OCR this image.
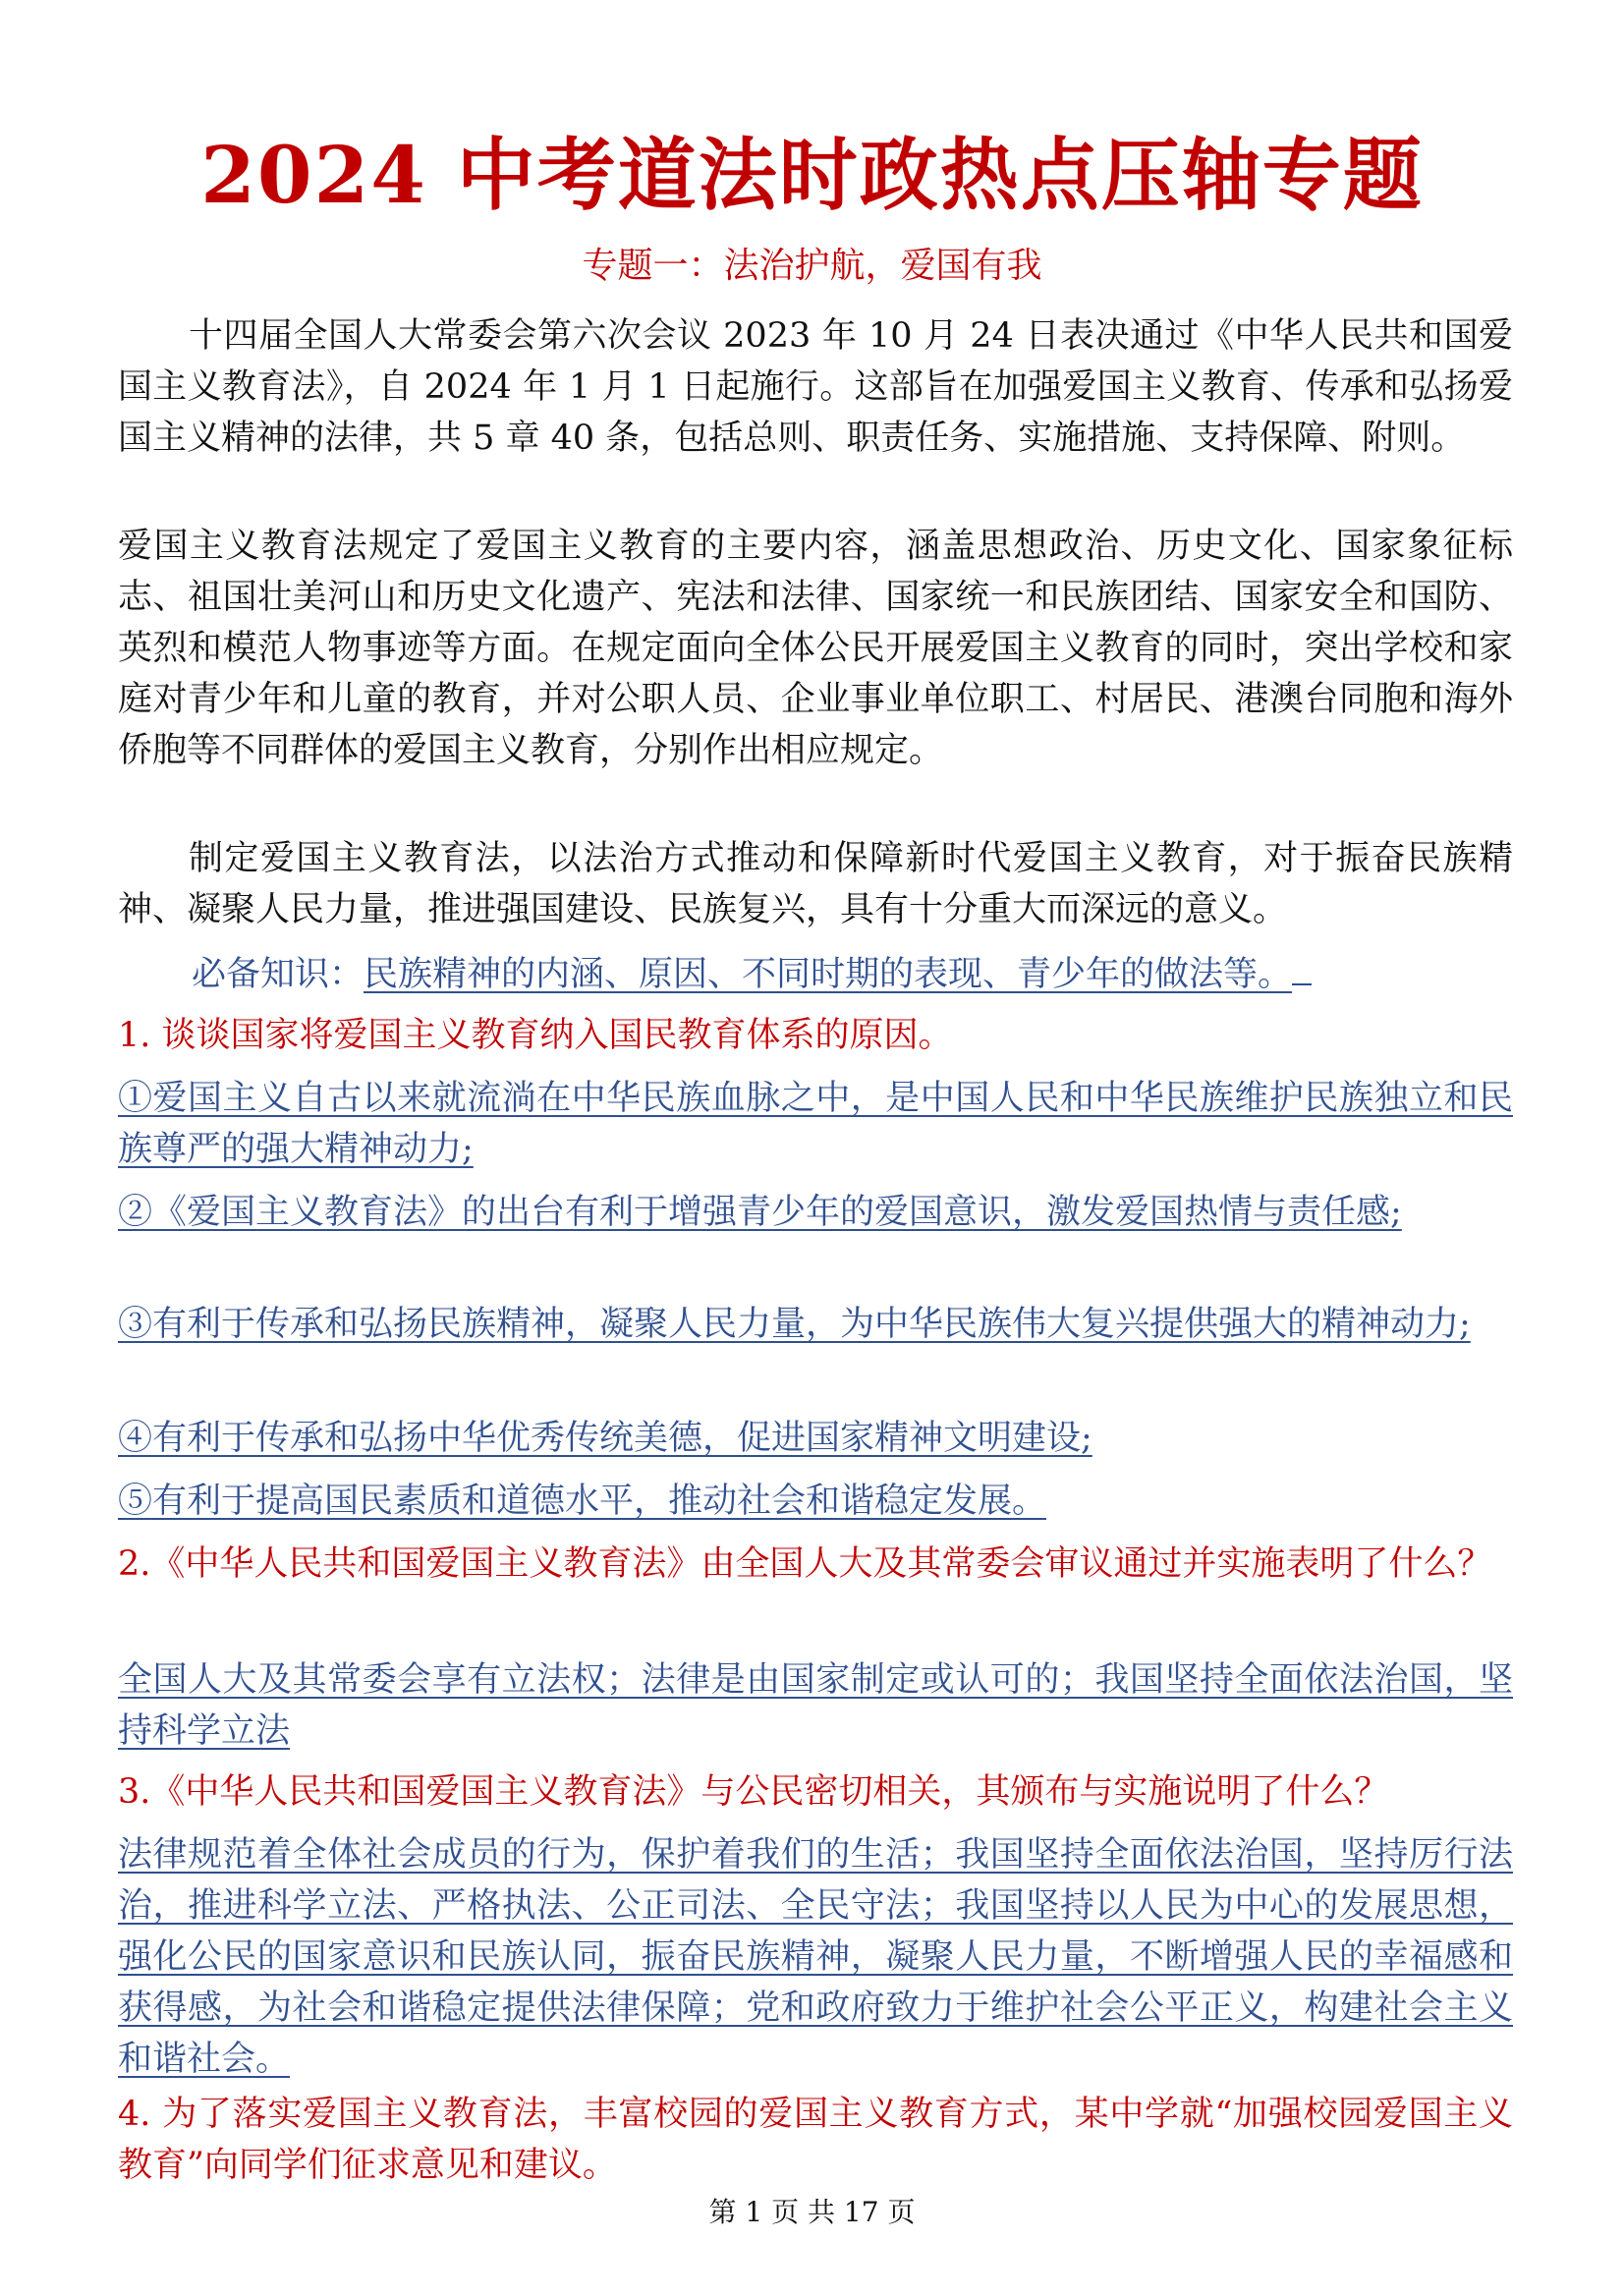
2024 中考道法时政热点压轴专题
专题一：法治护航，爱国有我

十四届全国人大常委会第六次会议 2023 年 10 月 24 日表决通过《中华人民共和国爱国主义教育法》，自 2024 年 1 月 1 日起施行。这部旨在加强爱国主义教育、传承和弘扬爱国主义精神的法律，共 5 章 40 条，包括总则、职责任务、实施措施、支持保障、附则。

爱国主义教育法规定了爱国主义教育的主要内容，涵盖思想政治、历史文化、国家象征标志、祖国壮美河山和历史文化遗产、宪法和法律、国家统一和民族团结、国家安全和国防、英烈和模范人物事迹等方面。在规定面向全体公民开展爱国主义教育的同时，突出学校和家庭对青少年和儿童的教育，并对公职人员、企业事业单位职工、村居民、港澳台同胞和海外侨胞等不同群体的爱国主义教育，分别作出相应规定。

制定爱国主义教育法，以法治方式推动和保障新时代爱国主义教育，对于振奋民族精神、凝聚人民力量，推进强国建设、民族复兴，具有十分重大而深远的意义。

必备知识：民族精神的内涵、原因、不同时期的表现、青少年的做法等。

1. 谈谈国家将爱国主义教育纳入国民教育体系的原因。

①爱国主义自古以来就流淌在中华民族血脉之中，是中国人民和中华民族维护民族独立和民族尊严的强大精神动力;

②《爱国主义教育法》的出台有利于增强青少年的爱国意识，激发爱国热情与责任感;

③有利于传承和弘扬民族精神，凝聚人民力量，为中华民族伟大复兴提供强大的精神动力;

④有利于传承和弘扬中华优秀传统美德，促进国家精神文明建设;

⑤有利于提高国民素质和道德水平，推动社会和谐稳定发展。

2.《中华人民共和国爱国主义教育法》由全国人大及其常委会审议通过并实施表明了什么？

全国人大及其常委会享有立法权；法律是由国家制定或认可的；我国坚持全面依法治国，坚持科学立法

3.《中华人民共和国爱国主义教育法》与公民密切相关，其颁布与实施说明了什么？

法律规范着全体社会成员的行为，保护着我们的生活；我国坚持全面依法治国，坚持厉行法治，推进科学立法、严格执法、公正司法、全民守法；我国坚持以人民为中心的发展思想，强化公民的国家意识和民族认同，振奋民族精神，凝聚人民力量，不断增强人民的幸福感和获得感，为社会和谐稳定提供法律保障；党和政府致力于维护社会公平正义，构建社会主义和谐社会。

4. 为了落实爱国主义教育法，丰富校园的爱国主义教育方式，某中学就“加强校园爱国主义教育”向同学们征求意见和建议。

第 1 页 共 17 页
